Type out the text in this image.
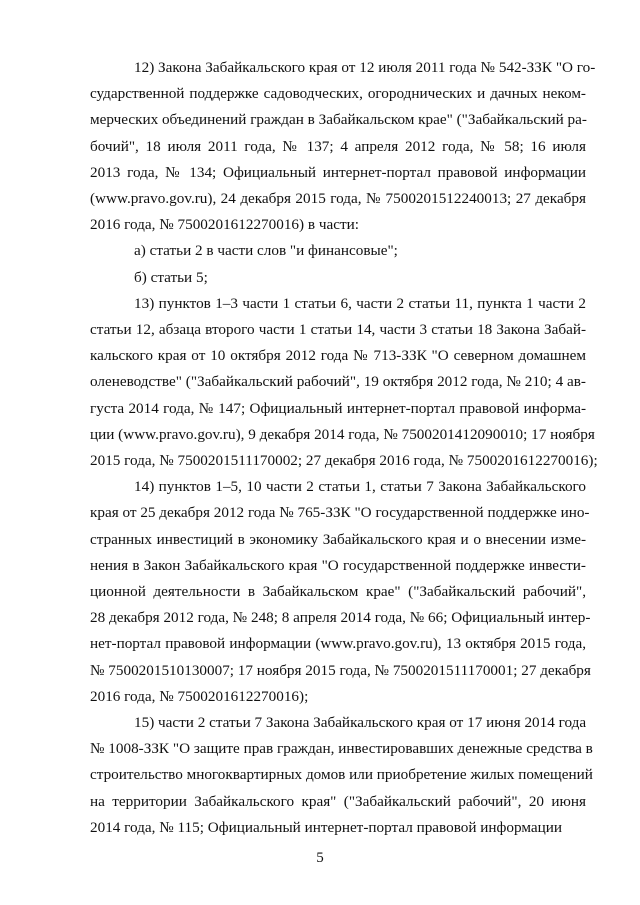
12) Закона Забайкальского края от 12 июля 2011 года № 542-ЗЗК "О го-
сударственной поддержке садоводческих, огороднических и дачных неком-
мерческих объединений граждан в Забайкальском крае" ("Забайкальский ра-
бочий", 18 июля 2011 года, № 137; 4 апреля 2012 года, № 58; 16 июля
2013 года, № 134; Официальный интернет-портал правовой информации
(www.pravo.gov.ru), 24 декабря 2015 года, № 7500201512240013; 27 декабря
2016 года, № 7500201612270016) в части:
а) статьи 2 в части слов "и финансовые";
б) статьи 5;
13) пунктов 1–3 части 1 статьи 6, части 2 статьи 11, пункта 1 части 2
статьи 12, абзаца второго части 1 статьи 14, части 3 статьи 18 Закона Забай-
кальского края от 10 октября 2012 года № 713-ЗЗК "О северном домашнем
оленеводстве" ("Забайкальский рабочий", 19 октября 2012 года, № 210; 4 ав-
густа 2014 года, № 147; Официальный интернет-портал правовой информа-
ции (www.pravo.gov.ru), 9 декабря 2014 года, № 7500201412090010; 17 ноября
2015 года, № 7500201511170002; 27 декабря 2016 года, № 7500201612270016);
14) пунктов 1–5, 10 части 2 статьи 1, статьи 7 Закона Забайкальского
края от 25 декабря 2012 года № 765-ЗЗК "О государственной поддержке ино-
странных инвестиций в экономику Забайкальского края и о внесении изме-
нения в Закон Забайкальского края "О государственной поддержке инвести-
ционной деятельности в Забайкальском крае" ("Забайкальский рабочий",
28 декабря 2012 года, № 248; 8 апреля 2014 года, № 66; Официальный интер-
нет-портал правовой информации (www.pravo.gov.ru), 13 октября 2015 года,
№ 7500201510130007; 17 ноября 2015 года, № 7500201511170001; 27 декабря
2016 года, № 7500201612270016);
15) части 2 статьи 7 Закона Забайкальского края от 17 июня 2014 года
№ 1008-ЗЗК "О защите прав граждан, инвестировавших денежные средства в
строительство многоквартирных домов или приобретение жилых помещений
на территории Забайкальского края" ("Забайкальский рабочий", 20 июня
2014 года, № 115; Официальный интернет-портал правовой информации
5
